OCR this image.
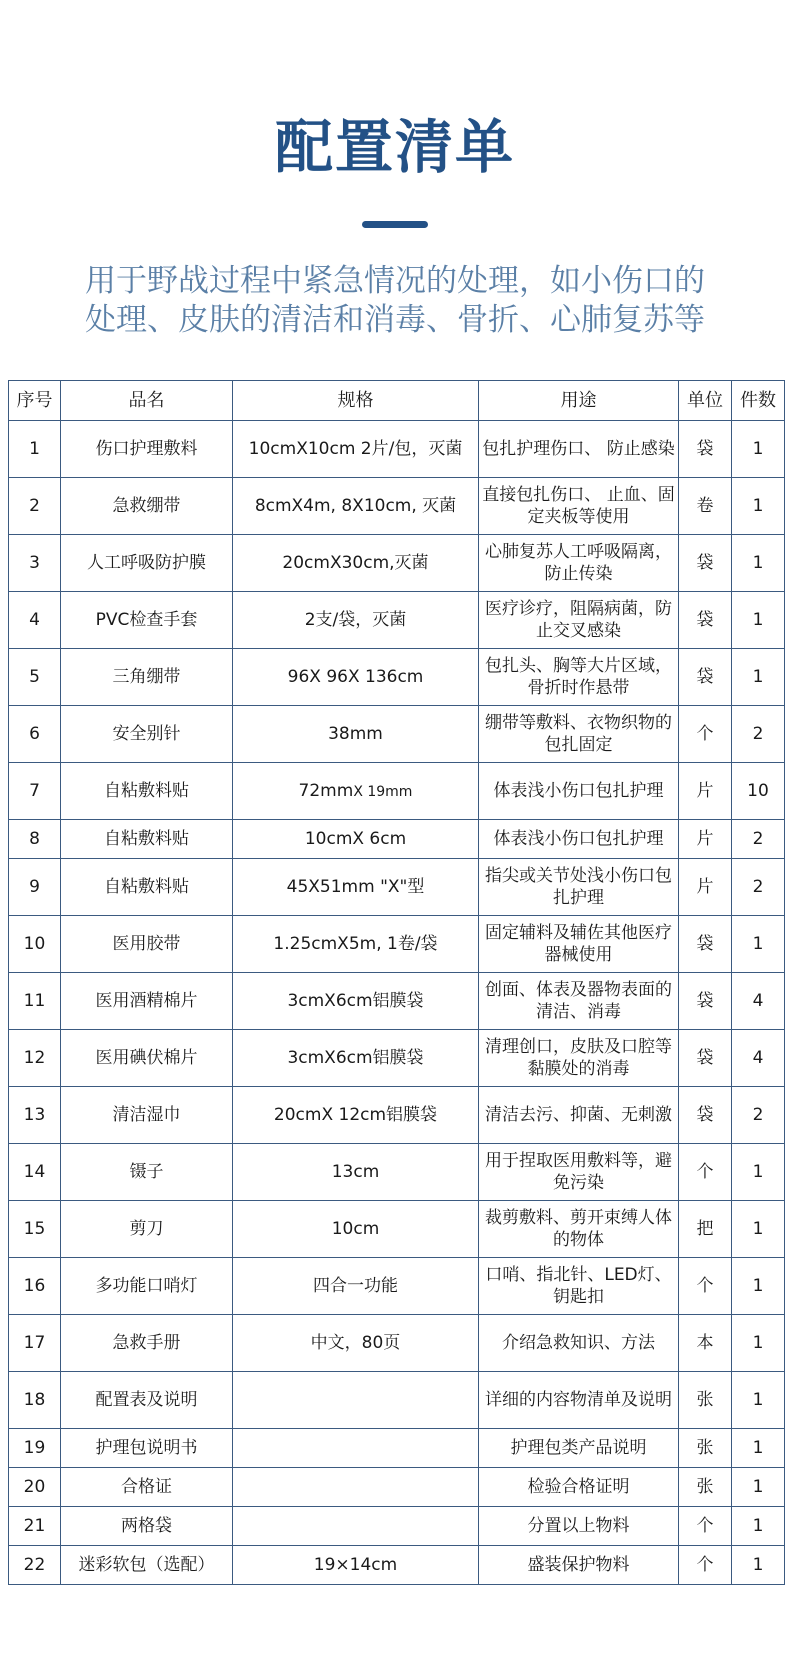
配置清单
用于野战过程中紧急情况的处理，如小伤口的
处理、皮肤的清洁和消毒、骨折、心肺复苏等
序号	品名	规格	用途	单位	件数
1	伤口护理敷料	10cmX10cm 2片/包，灭菌	包扎护理伤口、 防止感染	袋	1
2	急救绷带	8cmX4m, 8X10cm, 灭菌	直接包扎伤口、 止血、固定夹板等使用	卷	1
3	人工呼吸防护膜	20cmX30cm,灭菌	心肺复苏人工呼吸隔离，防止传染	袋	1
4	PVC检查手套	2支/袋，灭菌	医疗诊疗，阻隔病菌，防止交叉感染	袋	1
5	三角绷带	96X 96X 136cm	包扎头、胸等大片区域，骨折时作悬带	袋	1
6	安全别针	38mm	绷带等敷料、衣物织物的包扎固定	个	2
7	自粘敷料贴	72mmX 19mm	体表浅小伤口包扎护理	片	10
8	自粘敷料贴	10cmX 6cm	体表浅小伤口包扎护理	片	2
9	自粘敷料贴	45X51mm "X"型	指尖或关节处浅小伤口包扎护理	片	2
10	医用胶带	1.25cmX5m, 1卷/袋	固定辅料及辅佐其他医疗器械使用	袋	1
11	医用酒精棉片	3cmX6cm铝膜袋	创面、体表及器物表面的清洁、消毒	袋	4
12	医用碘伏棉片	3cmX6cm铝膜袋	清理创口，皮肤及口腔等黏膜处的消毒	袋	4
13	清洁湿巾	20cmX 12cm铝膜袋	清洁去污、抑菌、无刺激	袋	2
14	镊子	13cm	用于捏取医用敷料等，避免污染	个	1
15	剪刀	10cm	裁剪敷料、剪开束缚人体的物体	把	1
16	多功能口哨灯	四合一功能	口哨、指北针、LED灯、钥匙扣	个	1
17	急救手册	中文，80页	介绍急救知识、方法	本	1
18	配置表及说明		详细的内容物清单及说明	张	1
19	护理包说明书		护理包类产品说明	张	1
20	合格证		检验合格证明	张	1
21	两格袋		分置以上物料	个	1
22	迷彩软包（选配）	19×14cm	盛装保护物料	个	1
